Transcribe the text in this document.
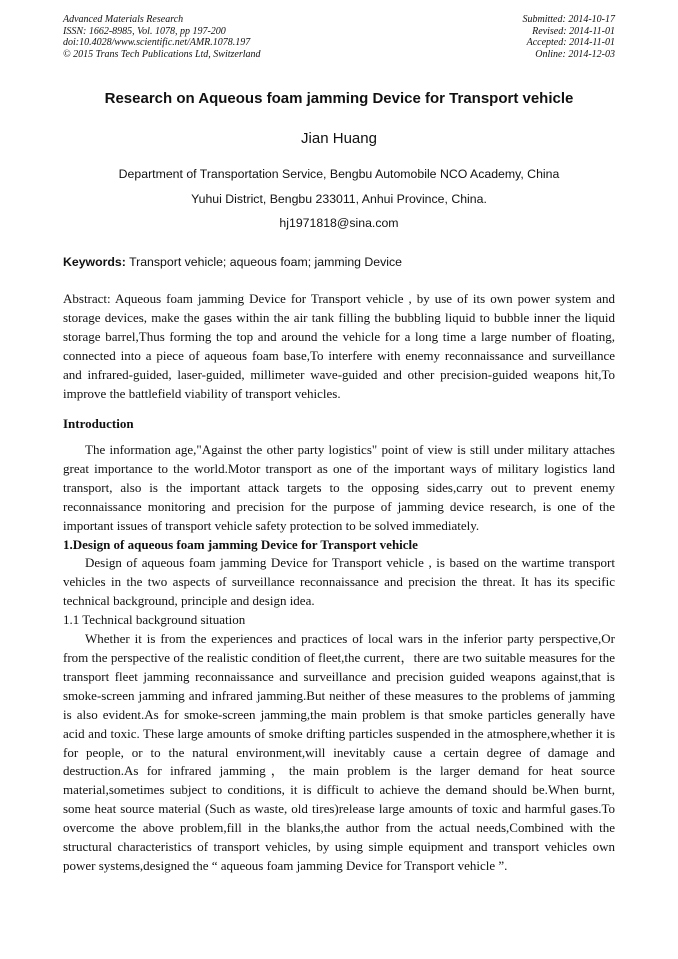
Advanced Materials Research
ISSN: 1662-8985, Vol. 1078, pp 197-200
doi:10.4028/www.scientific.net/AMR.1078.197
© 2015 Trans Tech Publications Ltd, Switzerland
Submitted: 2014-10-17
Revised: 2014-11-01
Accepted: 2014-11-01
Online: 2014-12-03
Research on Aqueous foam jamming Device for Transport vehicle
Jian Huang
Department of Transportation Service, Bengbu Automobile NCO Academy, China
Yuhui District, Bengbu 233011, Anhui Province, China.
hj1971818@sina.com
Keywords: Transport vehicle; aqueous foam; jamming Device

Abstract: Aqueous foam jamming Device for Transport vehicle , by use of its own power system and storage devices, make the gases within the air tank filling the bubbling liquid to bubble inner the liquid storage barrel,Thus forming the top and around the vehicle for a long time a large number of floating, connected into a piece of aqueous foam base,To interfere with enemy reconnaissance and surveillance and infrared-guided, laser-guided, millimeter wave-guided and other precision-guided weapons hit,To improve the battlefield viability of transport vehicles.

Introduction

The information age,"Against the other party logistics" point of view is still under military attaches great importance to the world.Motor transport as one of the important ways of military logistics land transport, also is the important attack targets to the opposing sides,carry out to prevent enemy reconnaissance monitoring and precision for the purpose of jamming device research, is one of the important issues of transport vehicle safety protection to be solved immediately.

1.Design of aqueous foam jamming Device for Transport vehicle

Design of aqueous foam jamming Device for Transport vehicle , is based on the wartime transport vehicles in the two aspects of surveillance reconnaissance and precision the threat. It has its specific technical background, principle and design idea.

1.1 Technical background situation

Whether it is from the experiences and practices of local wars in the inferior party perspective,Or from the perspective of the realistic condition of fleet,the current，there are two suitable measures for the transport fleet jamming reconnaissance and surveillance and precision guided weapons against,that is smoke-screen jamming and infrared jamming.But neither of these measures to the problems of jamming is also evident.As for smoke-screen jamming,the main problem is that smoke particles generally have acid and toxic. These large amounts of smoke drifting particles suspended in the atmosphere,whether it is for people, or to the natural environment,will inevitably cause a certain degree of damage and destruction.As for infrared jamming，the main problem is the larger demand for heat source material,sometimes subject to conditions, it is difficult to achieve the demand should be.When burnt, some heat source material (Such as waste, old tires)release large amounts of toxic and harmful gases.To overcome the above problem,fill in the blanks,the author from the actual needs,Combined with the structural characteristics of transport vehicles, by using simple equipment and transport vehicles own power systems,designed the “ aqueous foam jamming Device for Transport vehicle ”.
